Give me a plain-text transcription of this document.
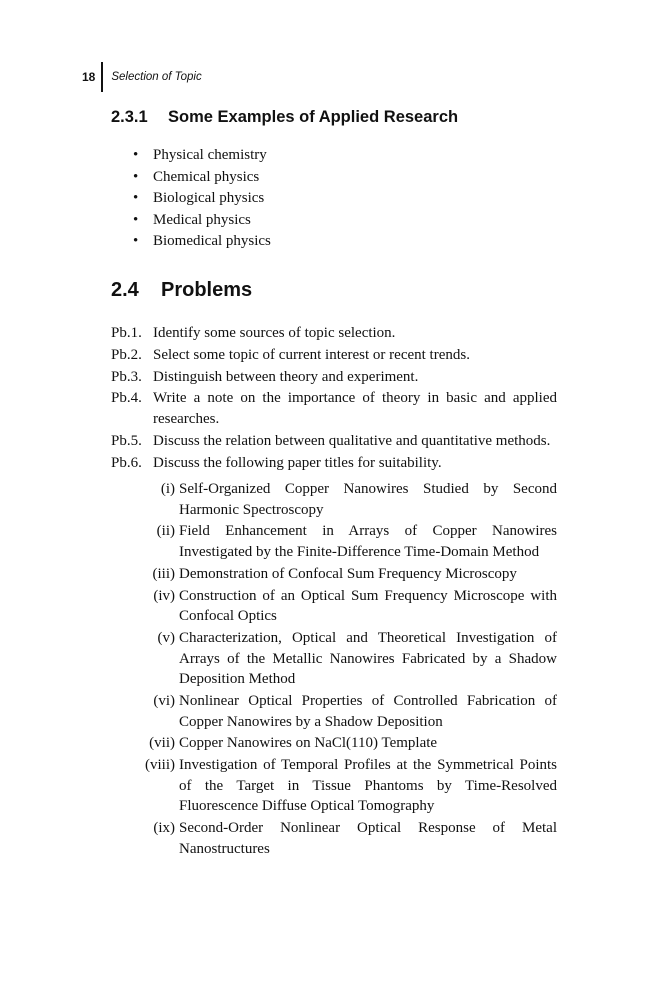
18	Selection of Topic
2.3.1 Some Examples of Applied Research
• Physical chemistry
• Chemical physics
• Biological physics
• Medical physics
• Biomedical physics
2.4 Problems
Pb.1. Identify some sources of topic selection.
Pb.2. Select some topic of current interest or recent trends.
Pb.3. Distinguish between theory and experiment.
Pb.4. Write a note on the importance of theory in basic and applied researches.
Pb.5. Discuss the relation between qualitative and quantitative methods.
Pb.6. Discuss the following paper titles for suitability.
(i) Self-Organized Copper Nanowires Studied by Second Harmonic Spectroscopy
(ii) Field Enhancement in Arrays of Copper Nanowires Investigated by the Finite-Difference Time-Domain Method
(iii) Demonstration of Confocal Sum Frequency Microscopy
(iv) Construction of an Optical Sum Frequency Microscope with Confocal Optics
(v) Characterization, Optical and Theoretical Investigation of Arrays of the Metallic Nanowires Fabricated by a Shadow Deposition Method
(vi) Nonlinear Optical Properties of Controlled Fabrication of Copper Nanowires by a Shadow Deposition
(vii) Copper Nanowires on NaCl(110) Template
(viii) Investigation of Temporal Profiles at the Symmetrical Points of the Target in Tissue Phantoms by Time-Resolved Fluorescence Diffuse Optical Tomography
(ix) Second-Order Nonlinear Optical Response of Metal Nanostructures
